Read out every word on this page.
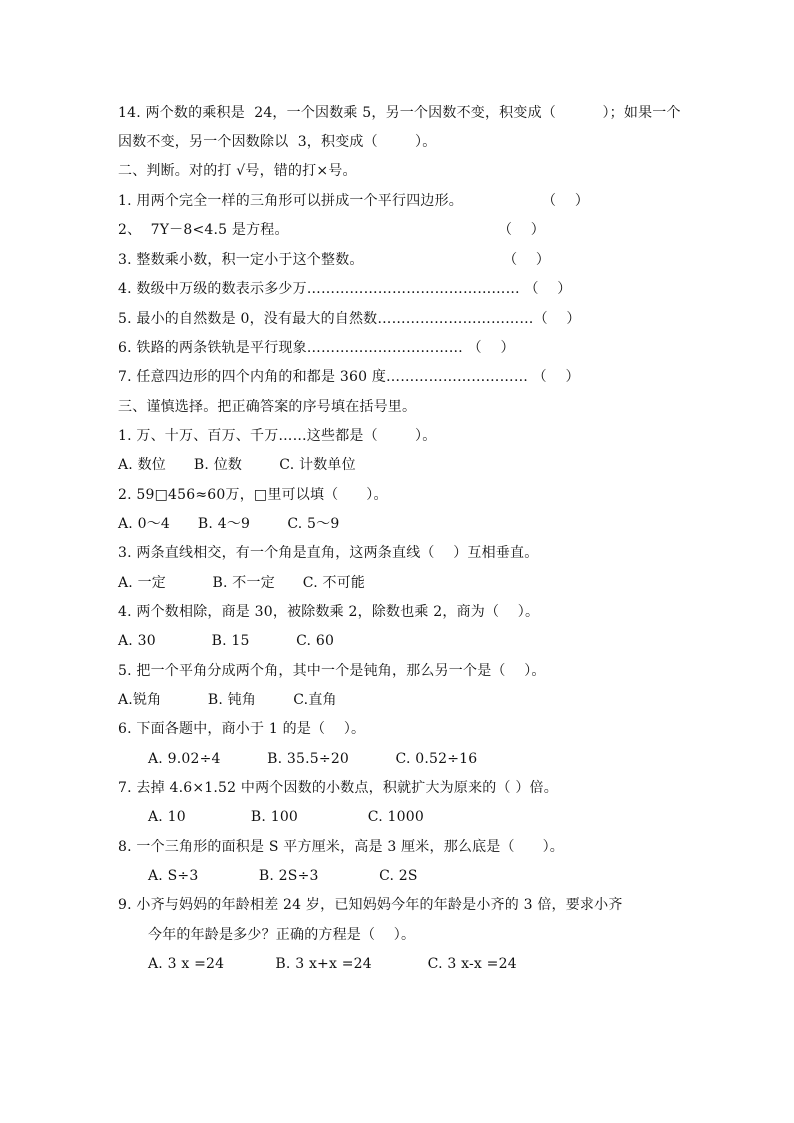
14. 两个数的乘积是  24，一个因数乘 5，另一个因数不变，积变成（          ）；如果一个
因数不变，另一个因数除以  3，积变成（        ）。
二、判断。对的打 √号，错的打×号。
1. 用两个完全一样的三角形可以拼成一个平行四边形。                 （    ）
2、  7Y－8<4.5 是方程。                                             （    ）
3. 整数乘小数，积一定小于这个整数。                              （    ）
4. 数级中万级的数表示多少万……………………………………… （    ）
5. 最小的自然数是 0，没有最大的自然数……………………………（    ）
6. 铁路的两条铁轨是平行现象…………………………… （    ）
7. 任意四边形的四个内角的和都是 360 度………………………… （    ）
三、谨慎选择。把正确答案的序号填在括号里。
1. 万、十万、百万、千万……这些都是（        ）。
A. 数位      B. 位数        C. 计数单位
2. 59□456≈60万，□里可以填（      ）。
A. 0～4      B. 4～9        C. 5～9
3. 两条直线相交，有一个角是直角，这两条直线（    ）互相垂直。
A. 一定          B. 不一定      C. 不可能
4. 两个数相除，商是 30，被除数乘 2，除数也乘 2，商为（    ）。
A. 30            B. 15          C. 60
5. 把一个平角分成两个角，其中一个是钝角，那么另一个是（    ）。
A.锐角          B. 钝角        C.直角
6. 下面各题中，商小于 1 的是（    ）。
A. 9.02÷4          B. 35.5÷20          C. 0.52÷16
7. 去掉 4.6×1.52 中两个因数的小数点，积就扩大为原来的（ ）倍。
A. 10              B. 100               C. 1000
8. 一个三角形的面积是 S 平方厘米，高是 3 厘米，那么底是（      ）。
A. S÷3             B. 2S÷3             C. 2S
9. 小齐与妈妈的年龄相差 24 岁，已知妈妈今年的年龄是小齐的 3 倍，要求小齐
今年的年龄是多少？正确的方程是（    ）。
A. 3 x =24           B. 3 x+x =24            C. 3 x-x =24
